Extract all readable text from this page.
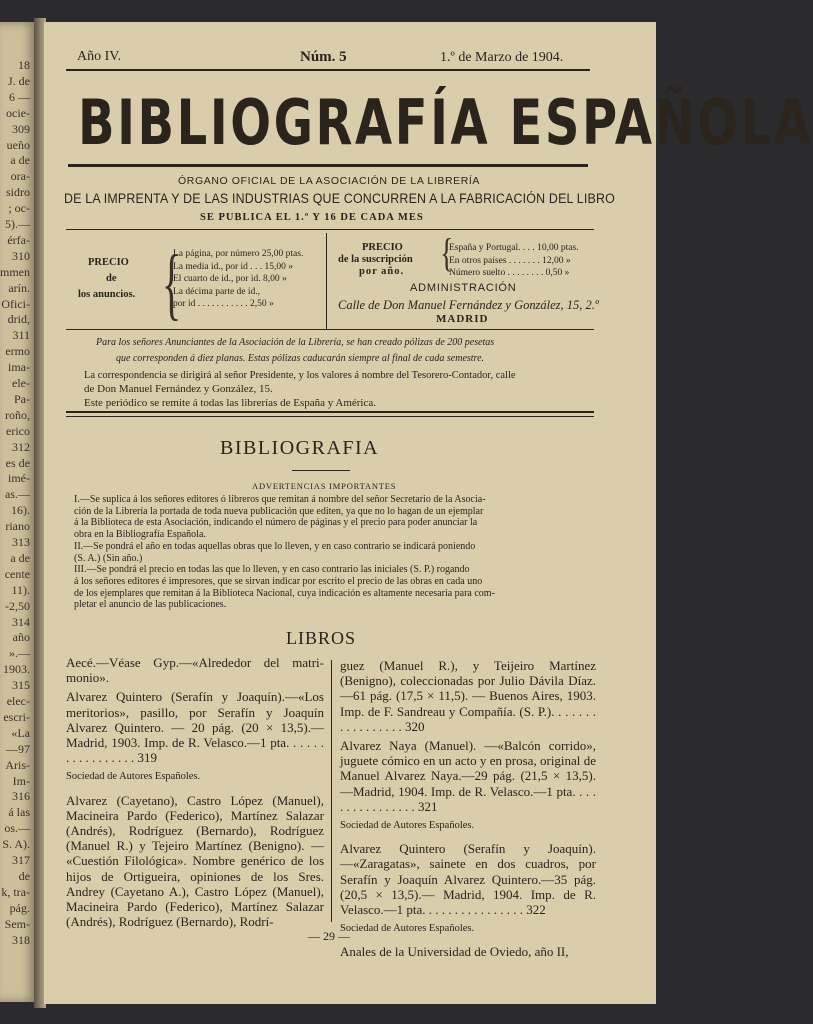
18
J. de
6 —
ocie-
309
ueño
a de
ora-
sidro
; oc-
5).—
érfa-
310
mmen
arín.
Ofici-
drid,
311
ermo
ima-
ele-
Pa-
roño,
erico
312
es de
imé-
as.—
16).
riano
313
a de
cente
11).
-2,50
314
año
».—
1903.
315
elec-
escri-
«La
—97
Aris-
Im-
316
á las
os.—
S. A).
317
de
k, tra-
pág.
Sem-
318
Año IV.	Núm. 5	1.º de Marzo de 1904.
BIBLIOGRAFÍA ESPAÑOLA
ÓRGANO OFICIAL DE LA ASOCIACIÓN DE LA LIBRERÍA
DE LA IMPRENTA Y DE LAS INDUSTRIAS QUE CONCURREN A LA FABRICACIÓN DEL LIBRO
SE PUBLICA EL 1.º Y 16 DE CADA MES
PRECIO
de
los anuncios. {
La página, por número 25,00 ptas.
La media id., por id . . . 15,00 »
El cuarto de id., por id. 8,00 »
La décima parte de id.,
por id . . . . . . . . . . . 2,50 »
PRECIO
de la suscripción
por año. {
España y Portugal. . . . 10,00 ptas.
En otros países . . . . . . . 12,00 »
Número suelto . . . . . . . . 0,50 »
ADMINISTRACIÓN
Calle de Don Manuel Fernández y González, 15, 2.º
MADRID
Para los señores Anunciantes de la Asociación de la Librería, se han creado pólizas de 200 pesetas
que corresponden á diez planas. Estas pólizas caducarán siempre al final de cada semestre.
La correspondencia se dirigirá al señor Presidente, y los valores á nombre del Tesorero-Contador, calle
de Don Manuel Fernández y González, 15.
Este periódico se remite á todas las librerías de España y América.
BIBLIOGRAFIA
ADVERTENCIAS IMPORTANTES
I.—Se suplica á los señores editores ó libreros que remitan á nombre del señor Secretario de la Asocia-
ción de la Librería la portada de toda nueva publicación que editen, ya que no lo hagan de un ejemplar
á la Biblioteca de esta Asociación, indicando el número de páginas y el precio para poder anunciar la
obra en la Bibliografía Española.
II.—Se pondrá el año en todas aquellas obras que lo lleven, y en caso contrario se indicará poniendo
(S. A.) (Sin año.)
III.—Se pondrá el precio en todas las que lo lleven, y en caso contrario las iniciales (S. P.) rogando
á los señores editores é impresores, que se sirvan indicar por escrito el precio de las obras en cada uno
de los ejemplares que remitan á la Biblioteca Nacional, cuya indicación es altamente necesaria para com-
pletar el anuncio de las publicaciones.
LIBROS

Aecé.—Véase Gyp.—«Alrededor del matri-monio».

Alvarez Quintero (Serafín y Joaquín).—«Los meritorios», pasillo, por Serafín y Joaquín Alvarez Quintero. — 20 pág. (20 × 13,5).—Madrid, 1903. Imp. de R. Velasco.—1 pta. . . . . . . . . . . . . . . . . 319

Sociedad de Autores Españoles.

Alvarez (Cayetano), Castro López (Manuel), Macineira Pardo (Federico), Martínez Salazar (Andrés), Rodríguez (Bernardo), Rodríguez (Manuel R.) y Tejeiro Martínez (Benigno). — «Cuestión Filológica». Nombre genérico de los hijos de Ortigueira, opiniones de los Sres. Andrey (Cayetano A.), Castro López (Manuel), Macineira Pardo (Federico), Martínez Salazar (Andrés), Rodríguez (Bernardo), Rodrí-

guez (Manuel R.), y Teijeiro Martínez (Benigno), coleccionadas por Julio Dávila Díaz.—61 pág. (17,5 × 11,5). — Buenos Aires, 1903. Imp. de F. Sandreau y Compañía. (S. P.). . . . . . . . . . . . . . . . . 320

Alvarez Naya (Manuel). —«Balcón corrido», juguete cómico en un acto y en prosa, original de Manuel Alvarez Naya.—29 pág. (21,5 × 13,5).—Madrid, 1904. Imp. de R. Velasco.—1 pta. . . . . . . . . . . . . . . . 321

Sociedad de Autores Españoles.

Alvarez Quintero (Serafín y Joaquín).—«Zaragatas», sainete en dos cuadros, por Serafín y Joaquín Alvarez Quintero.—35 pág. (20,5 × 13,5).— Madrid, 1904. Imp. de R. Velasco.—1 pta. . . . . . . . . . . . . . . . 322

Sociedad de Autores Españoles.

Anales de la Universidad de Oviedo, año II,

— 29 —
